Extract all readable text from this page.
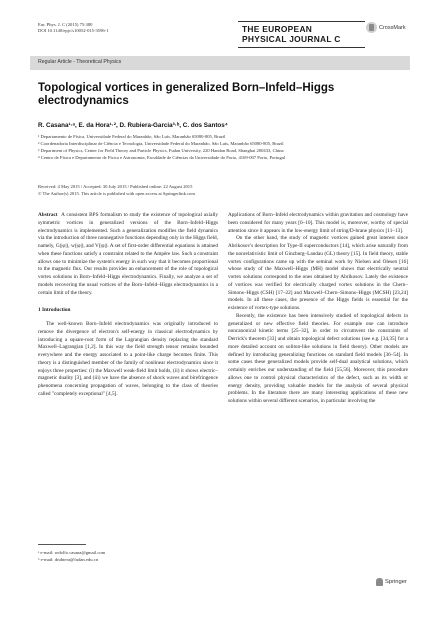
Eur. Phys. J. C (2015) 75:380
DOI 10.1140/epjc/s10052-015-3596-1	THE EUROPEAN
PHYSICAL JOURNAL C
CrossMark
Regular Article - Theoretical Physics
Topological vortices in generalized Born–Infeld–Higgs electrodynamics
R. Casana¹·ᵃ, E. da Hora¹·², D. Rubiera-Garcia³·ᵇ, C. dos Santos⁴
¹ Departamento de Física, Universidade Federal do Maranhão, São Luís, Maranhão 65080-805, Brazil
² Coordenadoria Interdisciplinar de Ciência e Tecnologia, Universidade Federal do Maranhão, São Luís, Maranhão 65080-805, Brazil
³ Department of Physics, Center for Field Theory and Particle Physics, Fudan University, 220 Handan Road, Shanghai 200433, China
⁴ Centro de Física e Departamento de Física e Astronomia, Faculdade de Ciências da Universidade do Porto, 4169-007 Porto, Portugal
Received: 4 May 2015 / Accepted: 30 July 2015 / Published online: 22 August 2015
© The Author(s) 2015. This article is published with open access at Springerlink.com

Abstract A consistent BPS formalism to study the existence of topological axially symmetric vortices in generalized versions of the Born–Infeld–Higgs electrodynamics is implemented. Such a generalization modifies the field dynamics via the introduction of three nonnegative functions depending only in the Higgs field, namely, G(|φ|), w(|φ|), and V(|φ|). A set of first-order differential equations is attained when these functions satisfy a constraint related to the Ampère law. Such a constraint allows one to minimize the system's energy in such way that it becomes proportional to the magnetic flux. Our results provides an enhancement of the role of topological vortex solutions in Born–Infeld–Higgs electrodynamics. Finally, we analyze a set of models recovering the usual vortices of the Born–Infeld–Higgs electrodynamics in a certain limit of the theory.

1 Introduction

The well-known Born–Infeld electrodynamics was originally introduced to remove the divergence of electron's self-energy in classical electrodynamics by introducing a square-root form of the Lagrangian density replacing the standard Maxwell–Lagrangian [1,2]. In this way the field strength tensor remains bounded everywhere and the energy associated to a point-like charge becomes finite. This theory is a distinguished member of the family of nonlinear electrodynamics since it enjoys three properties: (i) the Maxwell weak-field limit holds, (ii) it shows electric–magnetic duality [3], and (iii) we have the absence of shock waves and birefringence phenomena concerning propagation of waves, belonging to the class of theories called "completely exceptional" [4,5].

Applications of Born–Infeld electrodynamics within gravitation and cosmology have been considered for many years [6–10]. This model is, moreover, worthy of special attention since it appears in the low-energy limit of string/D-brane physics [11–13].

On the other hand, the study of magnetic vortices gained great interest since Abrikosov's description for Type-II superconductors [14], which arise naturally from the nonrelativistic limit of Ginzburg–Landau (GL) theory [15]. In field theory, stable vortex configurations came up with the seminal work by Nielsen and Olesen [16] whose study of the Maxwell–Higgs (MH) model shows that electrically neutral vortex solutions correspond to the ones obtained by Abrikosov. Lately the existence of vortices was verified for electrically charged vortex solutions in the Chern–Simons–Higgs (CSH) [17–22] and Maxwell–Chern–Simons–Higgs (MCSH) [23,24] models. In all these cases, the presence of the Higgs fields is essential for the existence of vortex-type solutions.

Recently, the existence has been intensively studied of topological defects in generalized or new effective field theories. For example one can introduce noncanonical kinetic terms [25–32], in order to circumvent the constraints of Derrick's theorem [33] and obtain topological defect solutions (see e.g. [34,35] for a more detailed account on soliton-like solutions in field theory). Other models are defined by introducing generalizing functions on standard field models [36–54]. In some cases these generalized models provide self-dual analytical solutions, which certainly enriches our understanding of the field [55,56]. Moreover, this procedure allows one to control physical characteristics of the defect, such as its width or energy density, providing valuable models for the analysis of several physical problems. In the literature there are many interesting applications of these new solutions within several different scenarios, in particular involving the

ᵃ e-mail: rodolfo.casana@gmail.com
ᵇ e-mail: drubiera@fudan.edu.cn
Springer
